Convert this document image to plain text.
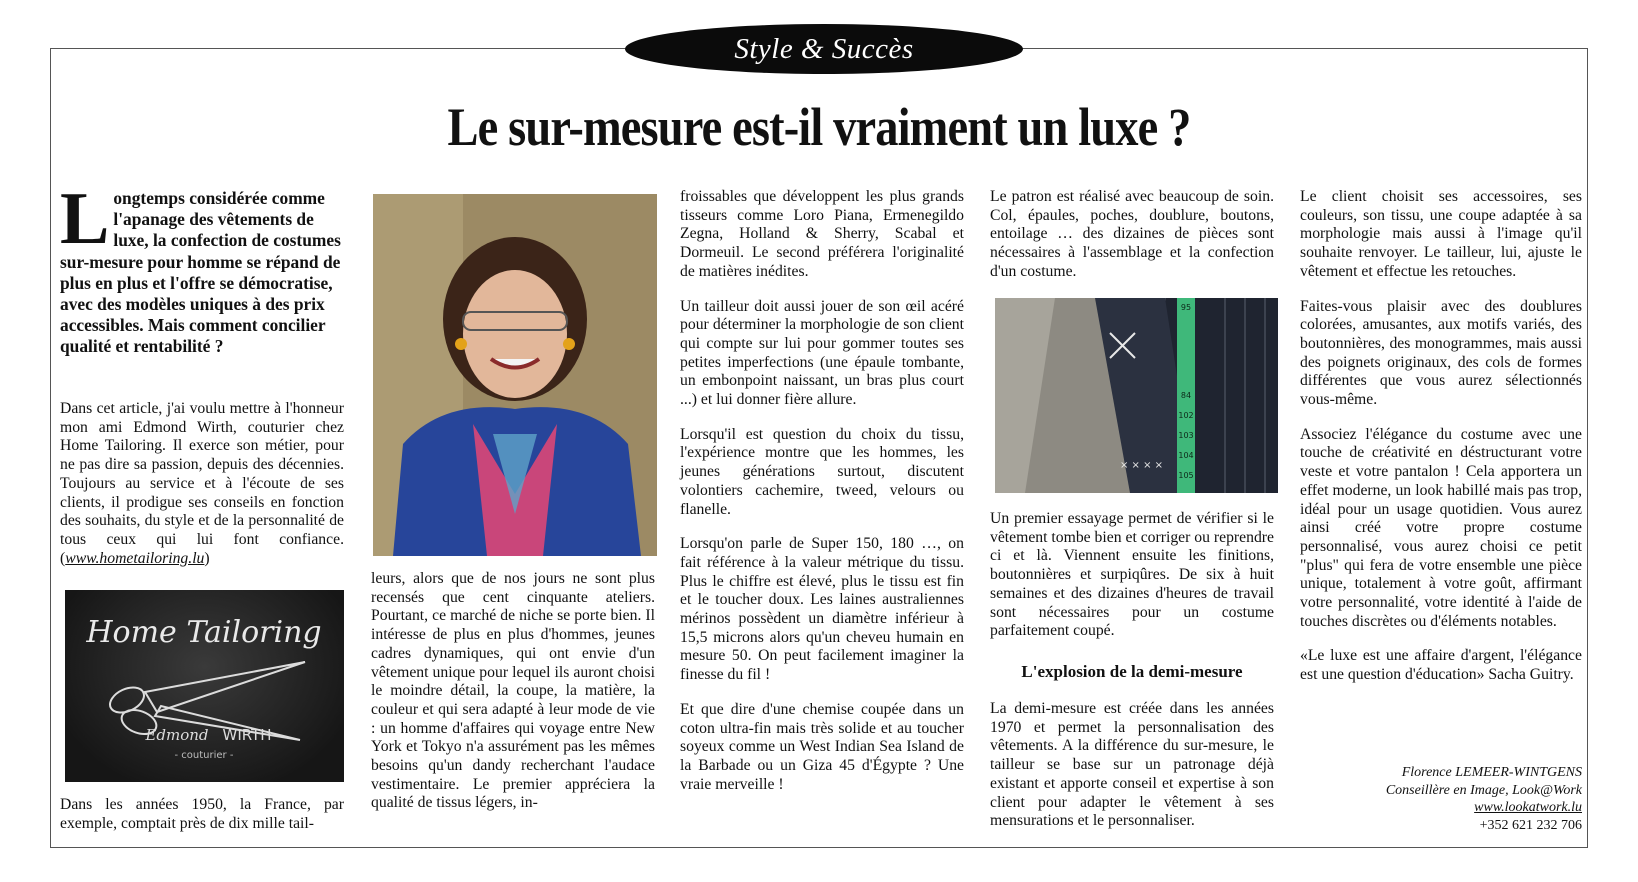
Style & Succès
Le sur-mesure est-il vraiment un luxe ?
Longtemps considérée comme l'apanage des vêtements de luxe, la confection de costumes sur-mesure pour homme se répand de plus en plus et l'offre se démocratise, avec des modèles uniques à des prix accessibles. Mais comment concilier qualité et rentabilité ?

Dans cet article, j'ai voulu mettre à l'honneur mon ami Edmond Wirth, couturier chez Home Tailoring. Il exerce son métier, pour ne pas dire sa passion, depuis des décennies. Toujours au service et à l'écoute de ses clients, il prodigue ses conseils en fonction des souhaits, du style et de la personnalité de tous ceux qui lui font confiance. (www.hometailoring.lu)

Home Tailoring
Edmond WIRTH
- couturier -

Dans les années 1950, la France, par exemple, comptait près de dix mille tail-

leurs, alors que de nos jours ne sont plus recensés que cent cinquante ateliers. Pourtant, ce marché de niche se porte bien. Il intéresse de plus en plus d'hommes, jeunes cadres dynamiques, qui ont envie d'un vêtement unique pour lequel ils auront choisi le moindre détail, la coupe, la matière, la couleur et qui sera adapté à leur mode de vie : un homme d'affaires qui voyage entre New York et Tokyo n'a assurément pas les mêmes besoins qu'un dandy recherchant l'audace vestimentaire. Le premier appréciera la qualité de tissus légers, in-

froissables que développent les plus grands tisseurs comme Loro Piana, Ermenegildo Zegna, Holland & Sherry, Scabal et Dormeuil. Le second préférera l'originalité de matières inédites.

Un tailleur doit aussi jouer de son œil acéré pour déterminer la morphologie de son client qui compte sur lui pour gommer toutes ses petites imperfections (une épaule tombante, un embonpoint naissant, un bras plus court ...) et lui donner fière allure.

Lorsqu'il est question du choix du tissu, l'expérience montre que les hommes, les jeunes générations surtout, discutent volontiers cachemire, tweed, velours ou flanelle.

Lorsqu'on parle de Super 150, 180 …, on fait référence à la valeur métrique du tissu. Plus le chiffre est élevé, plus le tissu est fin et le toucher doux. Les laines australiennes mérinos possèdent un diamètre inférieur à 15,5 microns alors qu'un cheveu humain en mesure 50. On peut facilement imaginer la finesse du fil !

Et que dire d'une chemise coupée dans un coton ultra-fin mais très solide et au toucher soyeux comme un West Indian Sea Island de la Barbade ou un Giza 45 d'Égypte ? Une vraie merveille !

Le patron est réalisé avec beaucoup de soin. Col, épaules, poches, doublure, boutons, entoilage … des dizaines de pièces sont nécessaires à l'assemblage et la confection d'un costume.

95
84
102
103
104
105
× × × ×

Un premier essayage permet de vérifier si le vêtement tombe bien et corriger ou reprendre ci et là. Viennent ensuite les finitions, boutonnières et surpiqûres. De six à huit semaines et des dizaines d'heures de travail sont nécessaires pour un costume parfaitement coupé.

L'explosion de la demi-mesure

La demi-mesure est créée dans les années 1970 et permet la personnalisation des vêtements. A la différence du sur-mesure, le tailleur se base sur un patronage déjà existant et apporte conseil et expertise à son client pour adapter le vêtement à ses mensurations et le personnaliser.

Le client choisit ses accessoires, ses couleurs, son tissu, une coupe adaptée à sa morphologie mais aussi à l'image qu'il souhaite renvoyer. Le tailleur, lui, ajuste le vêtement et effectue les retouches.

Faites-vous plaisir avec des doublures colorées, amusantes, aux motifs variés, des boutonnières, des monogrammes, mais aussi des poignets originaux, des cols de formes différentes que vous aurez sélectionnés vous-même.

Associez l'élégance du costume avec une touche de créativité en déstructurant votre veste et votre pantalon ! Cela apportera un effet moderne, un look habillé mais pas trop, idéal pour un usage quotidien. Vous aurez ainsi créé votre propre costume personnalisé, vous aurez choisi ce petit "plus" qui fera de votre ensemble une pièce unique, totalement à votre goût, affirmant votre personnalité, votre identité à l'aide de touches discrètes ou d'éléments notables.

«Le luxe est une affaire d'argent, l'élégance est une question d'éducation» Sacha Guitry.

Florence LEMEER-WINTGENS
Conseillère en Image, Look@Work
www.lookatwork.lu
+352 621 232 706
